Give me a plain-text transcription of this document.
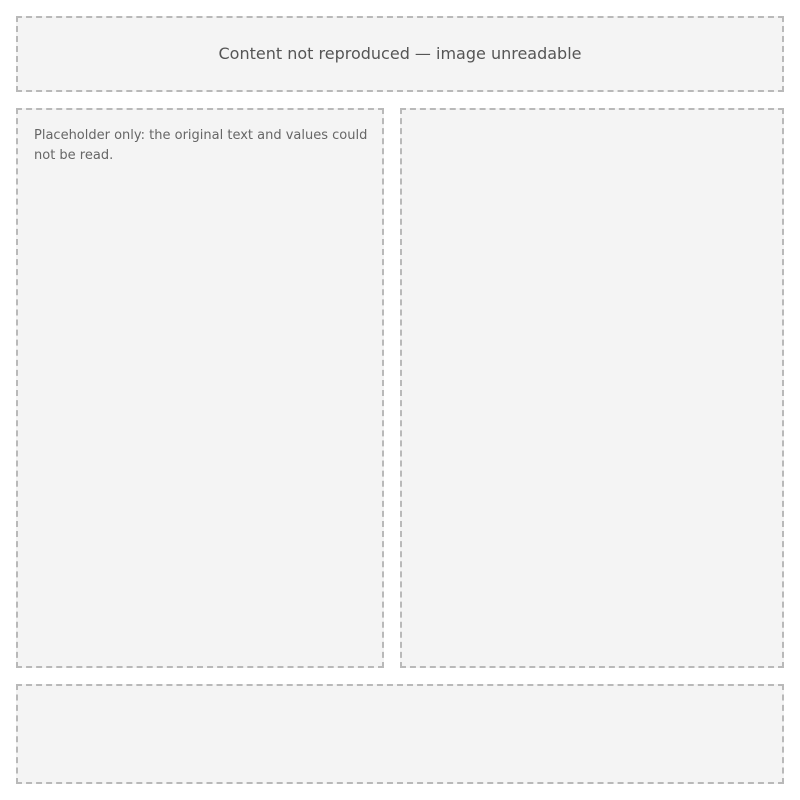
Content not reproduced — image unreadable
Placeholder only: the original text and values could not be read.
